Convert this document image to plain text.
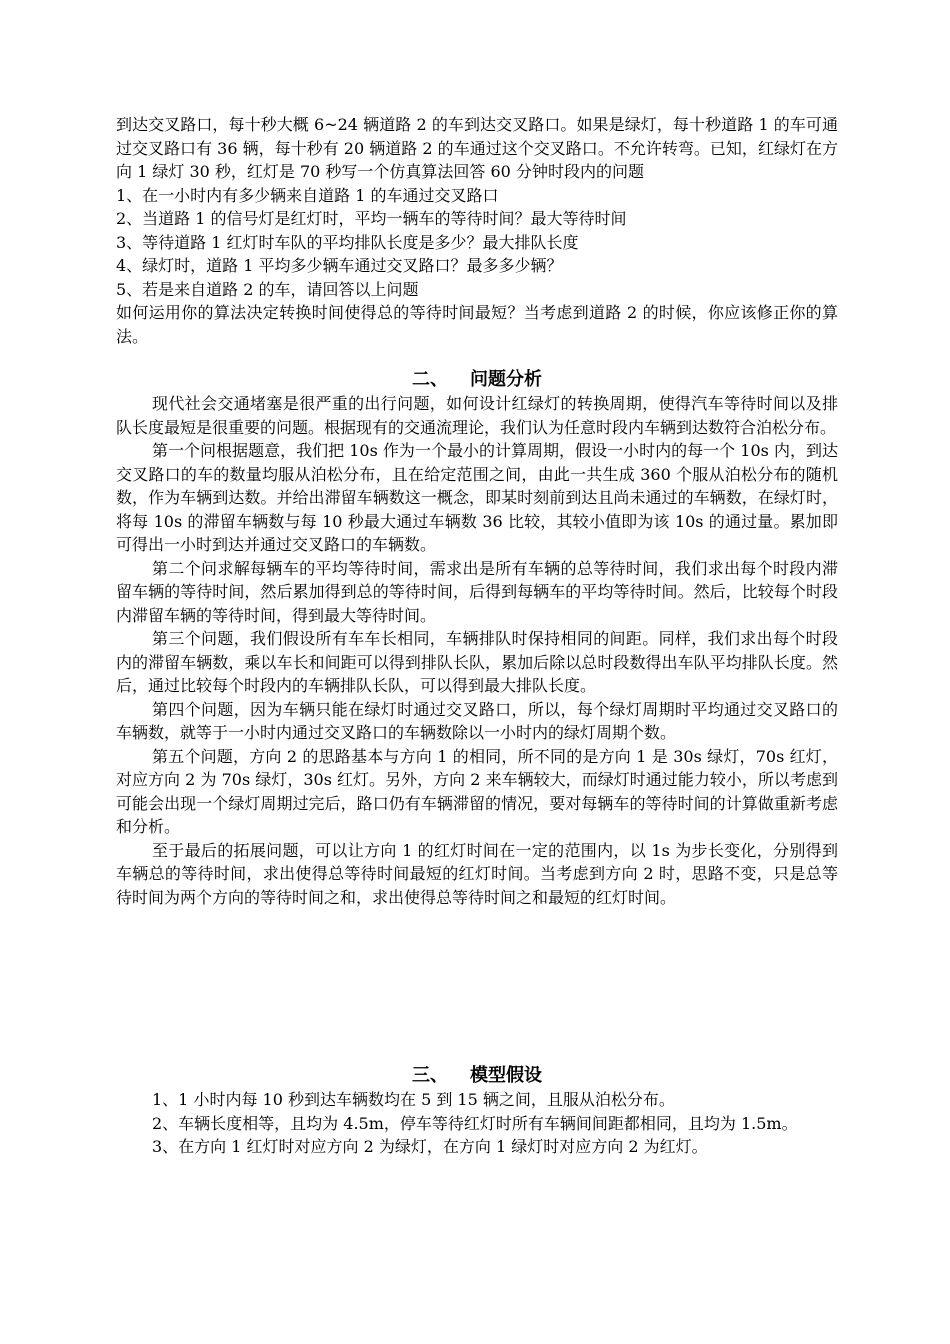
到达交叉路口，每十秒大概 6~24 辆道路 2 的车到达交叉路口。如果是绿灯，每十秒道路 1 的车可通过交叉路口有 36 辆，每十秒有 20 辆道路 2 的车通过这个交叉路口。不允许转弯。已知，红绿灯在方向 1 绿灯 30 秒，红灯是 70 秒写一个仿真算法回答 60 分钟时段内的问题

1、在一小时内有多少辆来自道路 1 的车通过交叉路口

2、当道路 1 的信号灯是红灯时，平均一辆车的等待时间？最大等待时间

3、等待道路 1 红灯时车队的平均排队长度是多少？最大排队长度

4、绿灯时，道路 1 平均多少辆车通过交叉路口？最多多少辆？

5、若是来自道路 2 的车，请回答以上问题

如何运用你的算法决定转换时间使得总的等待时间最短？当考虑到道路 2 的时候，你应该修正你的算法。

二、 问题分析

现代社会交通堵塞是很严重的出行问题，如何设计红绿灯的转换周期，使得汽车等待时间以及排队长度最短是很重要的问题。根据现有的交通流理论，我们认为任意时段内车辆到达数符合泊松分布。

第一个问根据题意，我们把 10s 作为一个最小的计算周期，假设一小时内的每一个 10s 内，到达交叉路口的车的数量均服从泊松分布，且在给定范围之间，由此一共生成 360 个服从泊松分布的随机数，作为车辆到达数。并给出滞留车辆数这一概念，即某时刻前到达且尚未通过的车辆数，在绿灯时，将每 10s 的滞留车辆数与每 10 秒最大通过车辆数 36 比较，其较小值即为该 10s 的通过量。累加即可得出一小时到达并通过交叉路口的车辆数。

第二个问求解每辆车的平均等待时间，需求出是所有车辆的总等待时间，我们求出每个时段内滞留车辆的等待时间，然后累加得到总的等待时间，后得到每辆车的平均等待时间。然后，比较每个时段内滞留车辆的等待时间，得到最大等待时间。

第三个问题，我们假设所有车车长相同，车辆排队时保持相同的间距。同样，我们求出每个时段内的滞留车辆数，乘以车长和间距可以得到排队长队，累加后除以总时段数得出车队平均排队长度。然后，通过比较每个时段内的车辆排队长队，可以得到最大排队长度。

第四个问题，因为车辆只能在绿灯时通过交叉路口，所以，每个绿灯周期时平均通过交叉路口的车辆数，就等于一小时内通过交叉路口的车辆数除以一小时内的绿灯周期个数。

第五个问题，方向 2 的思路基本与方向 1 的相同，所不同的是方向 1 是 30s 绿灯，70s 红灯，对应方向 2 为 70s 绿灯，30s 红灯。另外，方向 2 来车辆较大，而绿灯时通过能力较小，所以考虑到可能会出现一个绿灯周期过完后，路口仍有车辆滞留的情况，要对每辆车的等待时间的计算做重新考虑和分析。

至于最后的拓展问题，可以让方向 1 的红灯时间在一定的范围内，以 1s 为步长变化，分别得到车辆总的等待时间，求出使得总等待时间最短的红灯时间。当考虑到方向 2 时，思路不变，只是总等待时间为两个方向的等待时间之和，求出使得总等待时间之和最短的红灯时间。

三、 模型假设

1、1 小时内每 10 秒到达车辆数均在 5 到 15 辆之间，且服从泊松分布。

2、车辆长度相等，且均为 4.5m，停车等待红灯时所有车辆间间距都相同，且均为 1.5m。

3、在方向 1 红灯时对应方向 2 为绿灯，在方向 1 绿灯时对应方向 2 为红灯。
